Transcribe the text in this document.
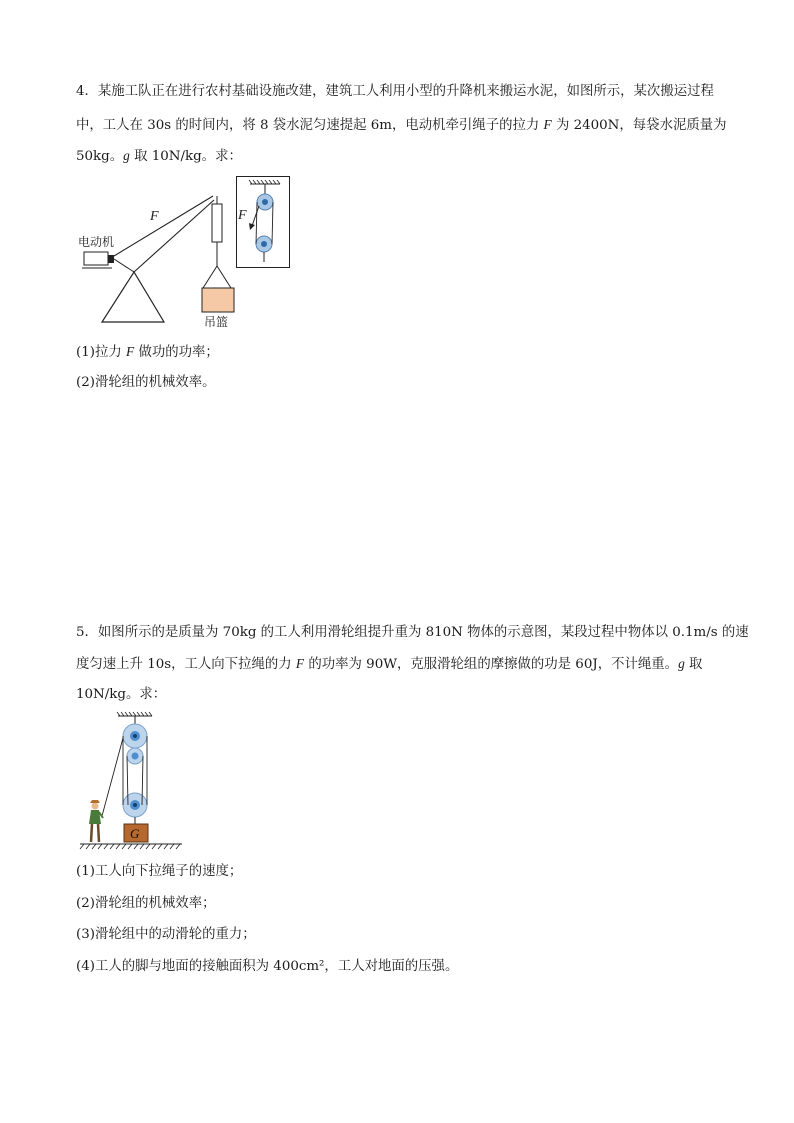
4．某施工队正在进行农村基础设施改建，建筑工人利用小型的升降机来搬运水泥，如图所示，某次搬运过程
中，工人在 30s 的时间内，将 8 袋水泥匀速提起 6m，电动机牵引绳子的拉力 F 为 2400N，每袋水泥质量为
50kg。g 取 10N/kg。求：
F
电动机
吊篮
F
(1)拉力 F 做功的功率；
(2)滑轮组的机械效率。
5．如图所示的是质量为 70kg 的工人利用滑轮组提升重为 810N 物体的示意图，某段过程中物体以 0.1m/s 的速
度匀速上升 10s，工人向下拉绳的力 F 的功率为 90W，克服滑轮组的摩擦做的功是 60J，不计绳重。g 取
10N/kg。求：
G
(1)工人向下拉绳子的速度；
(2)滑轮组的机械效率；
(3)滑轮组中的动滑轮的重力；
(4)工人的脚与地面的接触面积为 400cm²，工人对地面的压强。
